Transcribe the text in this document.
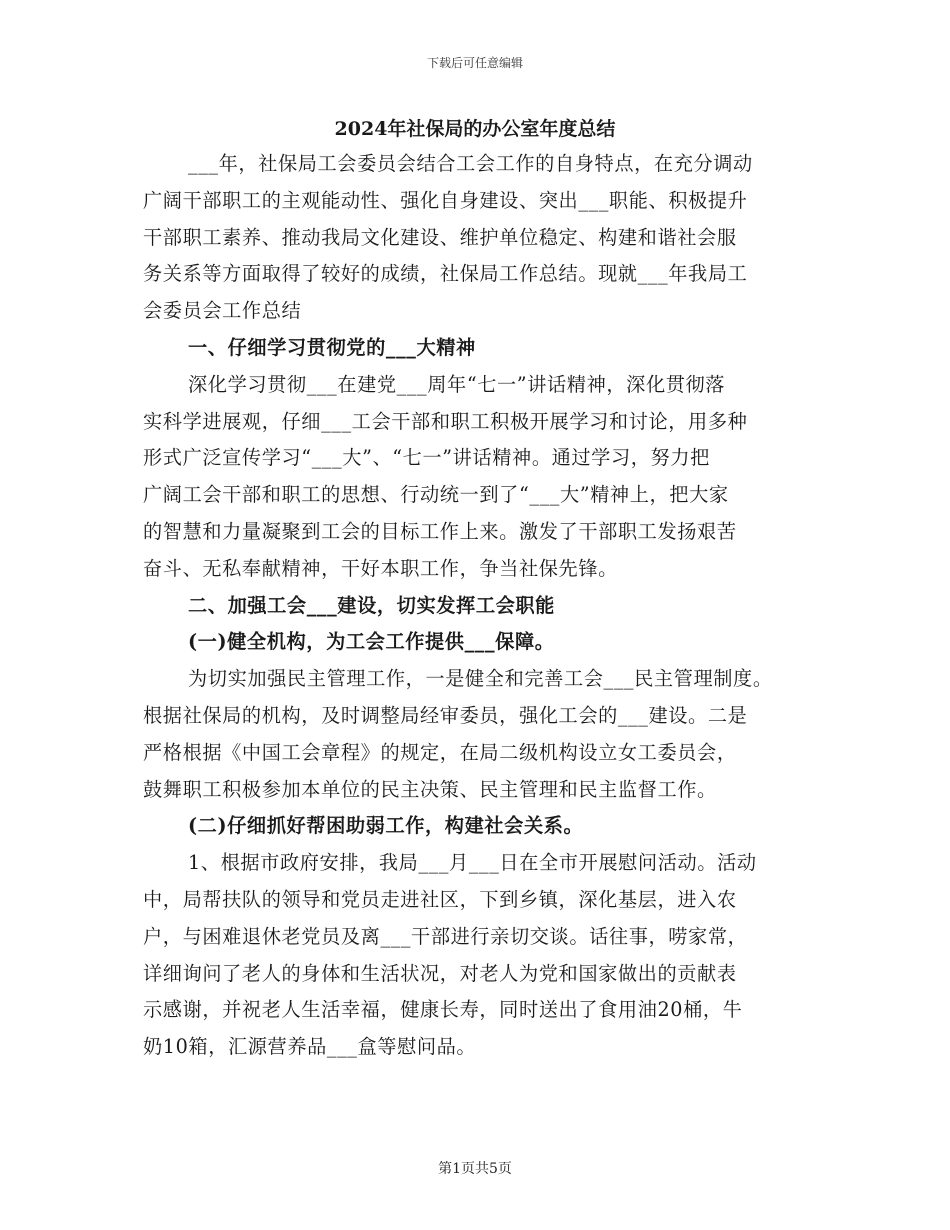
下载后可任意编辑
2024年社保局的办公室年度总结
___年，社保局工会委员会结合工会工作的自身特点，在充分调动
广阔干部职工的主观能动性、强化自身建设、突出___职能、积极提升
干部职工素养、推动我局文化建设、维护单位稳定、构建和谐社会服
务关系等方面取得了较好的成绩，社保局工作总结。现就___年我局工
会委员会工作总结
一、仔细学习贯彻党的___大精神
深化学习贯彻___在建党___周年“七一”讲话精神，深化贯彻落
实科学进展观，仔细___工会干部和职工积极开展学习和讨论，用多种
形式广泛宣传学习“___大”、“七一”讲话精神。通过学习，努力把
广阔工会干部和职工的思想、行动统一到了“___大”精神上，把大家
的智慧和力量凝聚到工会的目标工作上来。激发了干部职工发扬艰苦
奋斗、无私奉献精神，干好本职工作，争当社保先锋。
二、加强工会___建设，切实发挥工会职能
(一)健全机构，为工会工作提供___保障。
为切实加强民主管理工作，一是健全和完善工会___民主管理制度。
根据社保局的机构，及时调整局经审委员，强化工会的___建设。二是
严格根据《中国工会章程》的规定，在局二级机构设立女工委员会，
鼓舞职工积极参加本单位的民主决策、民主管理和民主监督工作。
(二)仔细抓好帮困助弱工作，构建社会关系。
1、根据市政府安排，我局___月___日在全市开展慰问活动。活动
中，局帮扶队的领导和党员走进社区，下到乡镇，深化基层，进入农
户，与困难退休老党员及离___干部进行亲切交谈。话往事，唠家常，
详细询问了老人的身体和生活状况，对老人为党和国家做出的贡献表
示感谢，并祝老人生活幸福，健康长寿，同时送出了食用油20桶，牛
奶10箱，汇源营养品___盒等慰问品。
第1页共5页
